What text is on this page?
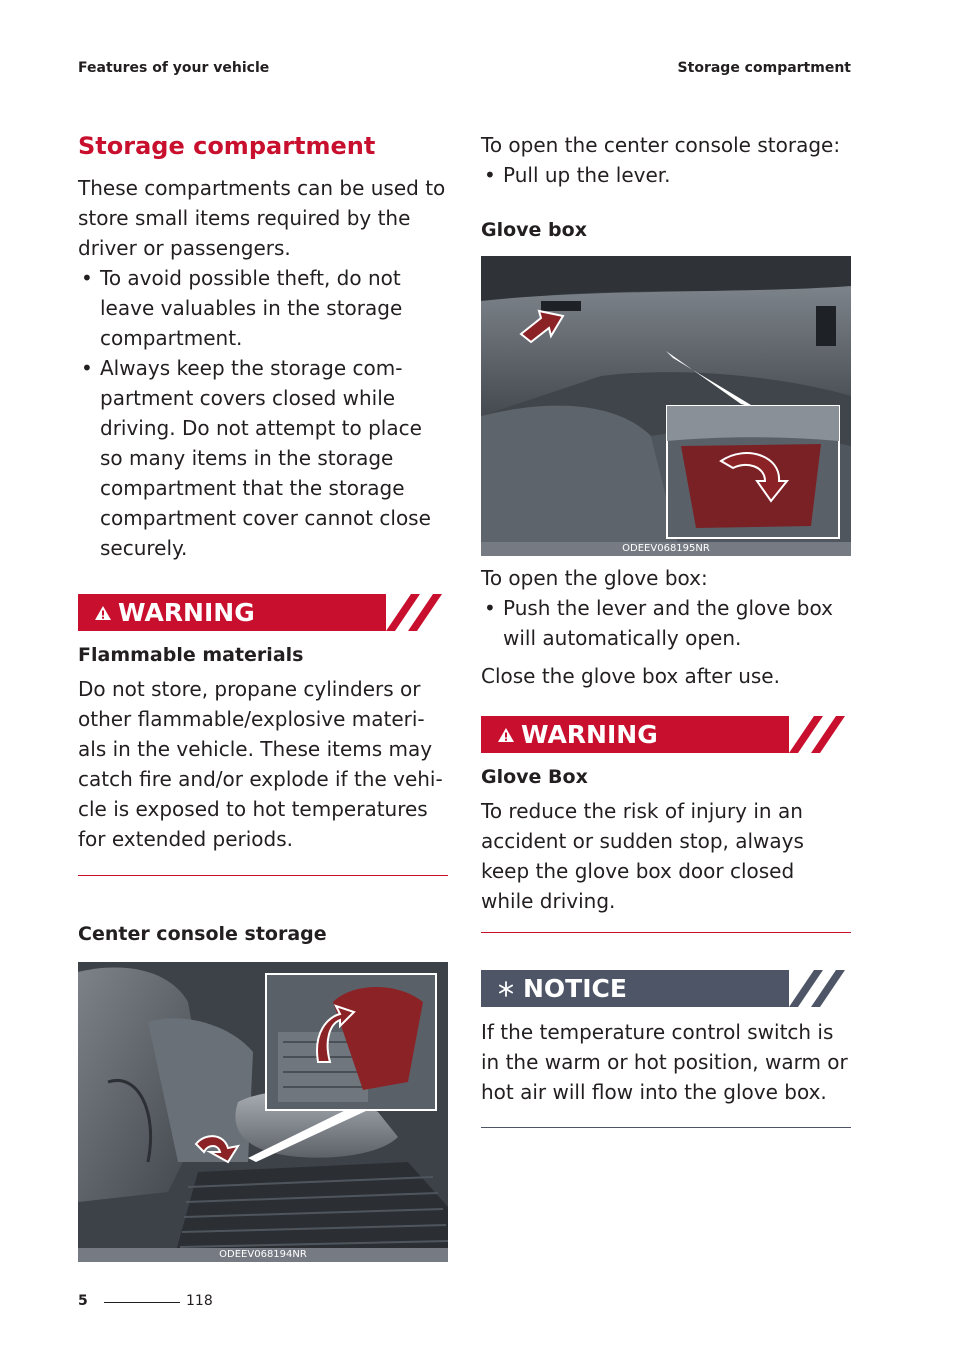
Features of your vehicle	Storage compartment
Storage compartment

These compartments can be used to store small items required by the driver or passengers.

• To avoid possible theft, do not leave valuables in the storage compartment.
• Always keep the storage com-partment covers closed while driving. Do not attempt to place so many items in the storage compartment that the storage compartment cover cannot close securely.
WARNING
Flammable materials

Do not store, propane cylinders or other flammable/explosive materi-als in the vehicle. These items may catch fire and/or explode if the vehi-cle is exposed to hot temperatures for extended periods.

Center console storage
ODEEV068194NR

To open the center console storage:

• Pull up the lever.
Glove box
ODEEV068195NR

To open the glove box:

• Push the lever and the glove box will automatically open.

Close the glove box after use.

WARNING
Glove Box

To reduce the risk of injury in an accident or sudden stop, always keep the glove box door closed while driving.

NOTICE

If the temperature control switch is in the warm or hot position, warm or hot air will flow into the glove box.

5	118
